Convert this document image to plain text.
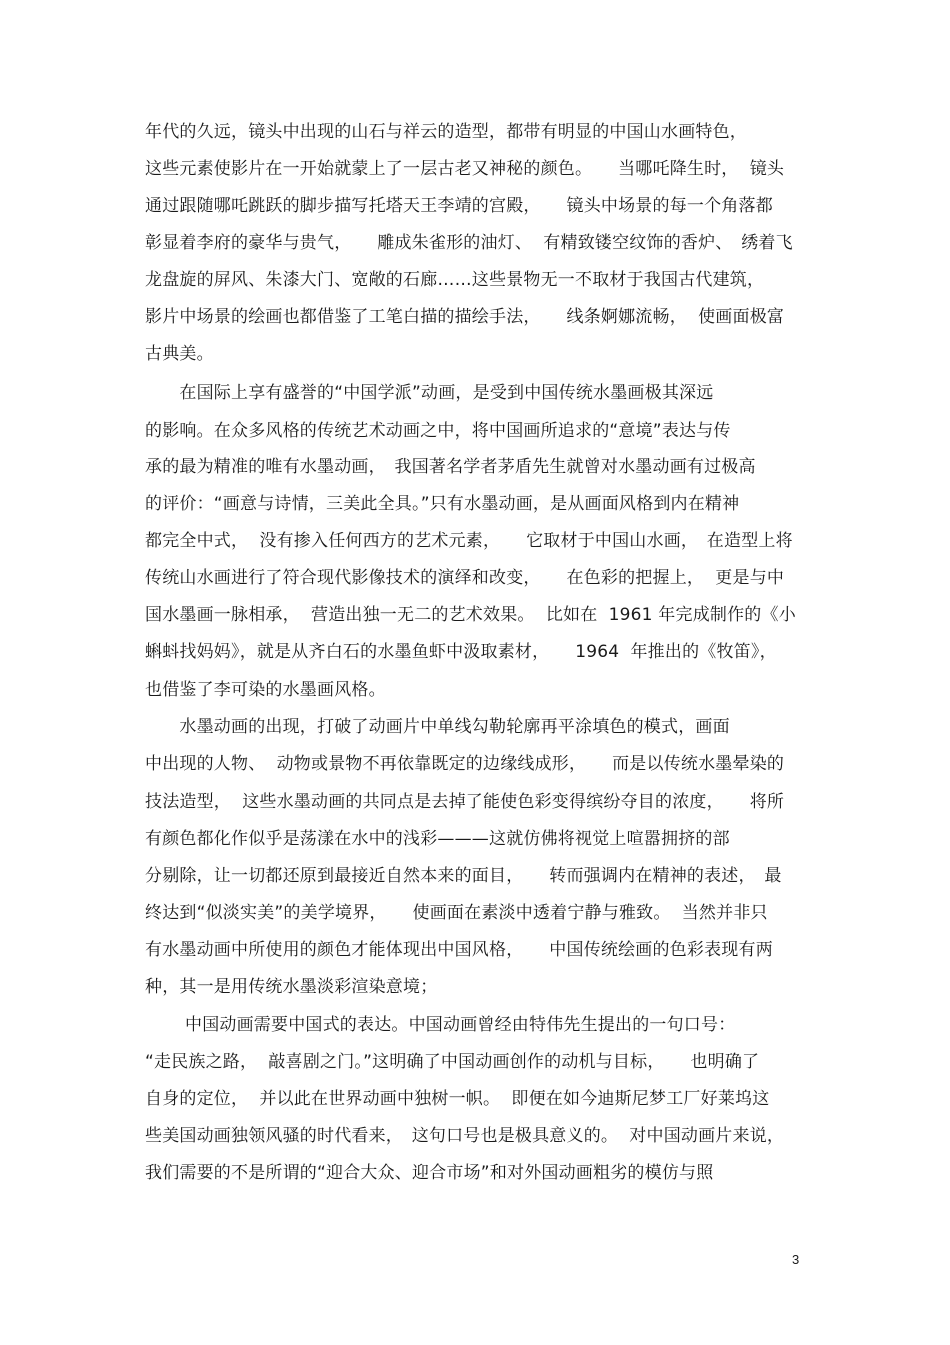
年代的久远，镜头中出现的山石与祥云的造型，都带有明显的中国山水画特色，
这些元素使影片在一开始就蒙上了一层古老又神秘的颜色。　　当哪吒降生时，  镜头
通过跟随哪吒跳跃的脚步描写托塔天王李靖的宫殿，　　镜头中场景的每一个角落都
彰显着李府的豪华与贵气，　　雕成朱雀形的油灯、  有精致镂空纹饰的香炉、　绣着飞
龙盘旋的屏风、朱漆大门、宽敞的石廊……这些景物无一不取材于我国古代建筑，
影片中场景的绘画也都借鉴了工笔白描的描绘手法，　　线条婀娜流畅，  使画面极富
古典美。
　　在国际上享有盛誉的“中国学派”动画，是受到中国传统水墨画极其深远
的影响。在众多风格的传统艺术动画之中，将中国画所追求的“意境”表达与传
承的最为精准的唯有水墨动画，　我国著名学者茅盾先生就曾对水墨动画有过极高
的评价：“画意与诗情，三美此全具。”只有水墨动画，是从画面风格到内在精神
都完全中式，  没有掺入任何西方的艺术元素，　　它取材于中国山水画，　在造型上将
传统山水画进行了符合现代影像技术的演绎和改变，　　在色彩的把握上，  更是与中
国水墨画一脉相承，  营造出独一无二的艺术效果。  比如在  1961 年完成制作的《小
蝌蚪找妈妈》，就是从齐白石的水墨鱼虾中汲取素材，　　1964  年推出的《牧笛》，
也借鉴了李可染的水墨画风格。
　　水墨动画的出现，打破了动画片中单线勾勒轮廓再平涂填色的模式，画面
中出现的人物、  动物或景物不再依靠既定的边缘线成形，　　而是以传统水墨晕染的
技法造型，  这些水墨动画的共同点是去掉了能使色彩变得缤纷夺目的浓度，　　将所
有颜色都化作似乎是荡漾在水中的浅彩———这就仿佛将视觉上喧嚣拥挤的部
分剔除，让一切都还原到最接近自然本来的面目，　　转而强调内在精神的表述，　最
终达到“似淡实美”的美学境界，　　使画面在素淡中透着宁静与雅致。  当然并非只
有水墨动画中所使用的颜色才能体现出中国风格，　　中国传统绘画的色彩表现有两
种，其一是用传统水墨淡彩渲染意境；
　　 中国动画需要中国式的表达。中国动画曾经由特伟先生提出的一句口号：
“走民族之路，  敲喜剧之门。”这明确了中国动画创作的动机与目标，　　也明确了
自身的定位，  并以此在世界动画中独树一帜。  即便在如今迪斯尼梦工厂好莱坞这
些美国动画独领风骚的时代看来，　这句口号也是极具意义的。  对中国动画片来说，
我们需要的不是所谓的“迎合大众、迎合市场”和对外国动画粗劣的模仿与照
3
